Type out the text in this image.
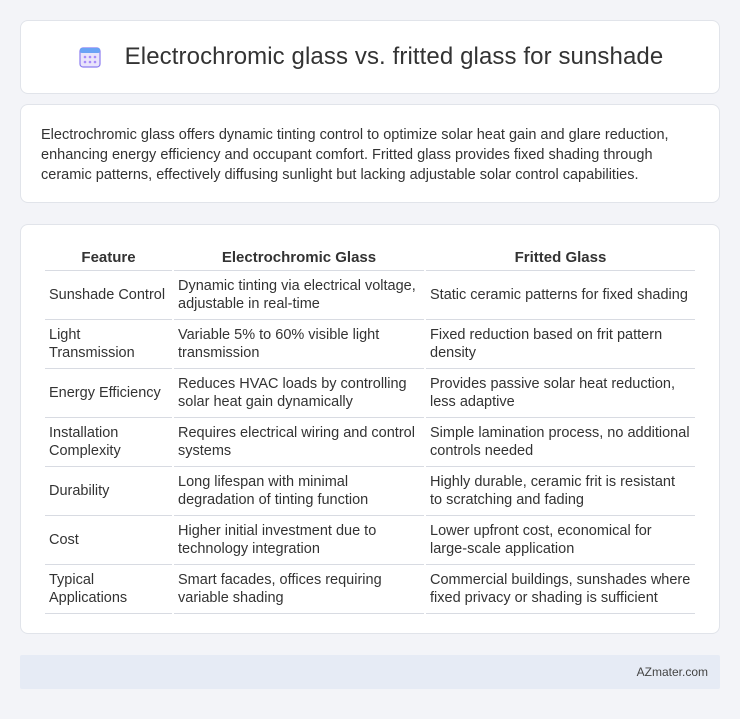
Electrochromic glass vs. fritted glass for sunshade

Electrochromic glass offers dynamic tinting control to optimize solar heat gain and glare reduction, enhancing energy efficiency and occupant comfort. Fritted glass provides fixed shading through ceramic patterns, effectively diffusing sunlight but lacking adjustable solar control capabilities.

Feature	Electrochromic Glass	Fritted Glass
Sunshade Control	Dynamic tinting via electrical voltage, adjustable in real-time	Static ceramic patterns for fixed shading
Light Transmission	Variable 5% to 60% visible light transmission	Fixed reduction based on frit pattern density
Energy Efficiency	Reduces HVAC loads by controlling solar heat gain dynamically	Provides passive solar heat reduction, less adaptive
Installation Complexity	Requires electrical wiring and control systems	Simple lamination process, no additional controls needed
Durability	Long lifespan with minimal degradation of tinting function	Highly durable, ceramic frit is resistant to scratching and fading
Cost	Higher initial investment due to technology integration	Lower upfront cost, economical for large-scale application
Typical Applications	Smart facades, offices requiring variable shading	Commercial buildings, sunshades where fixed privacy or shading is sufficient
AZmater.com
